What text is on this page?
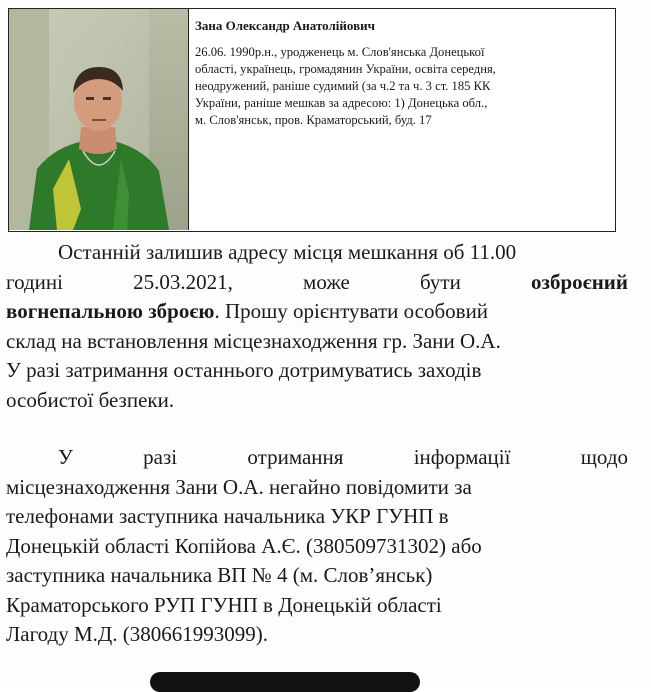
Зана Олександр Анатолійович
26.06. 1990р.н., уродженець м. Слов'янська Донецької
області, українець, громадянин України, освіта середня,
неодружений, раніше судимий (за ч.2 та ч. 3 ст. 185 КК
України, раніше мешкав за адресою: 1) Донецька обл.,
м. Слов'янськ, пров. Краматорський, буд. 17
Останній залишив адресу місця мешкання об 11.00
годині	25.03.2021,	може	бути	озброєний
вогнепальною зброєю. Прошу орієнтувати особовий
склад на встановлення місцезнаходження гр. Зани О.А.
У разі затримання останнього дотримуватись заходів
особистої безпеки.
У	разі	отримання	інформації	щодо
місцезнаходження Зани О.А. негайно повідомити за
телефонами заступника начальника УКР ГУНП в
Донецькій області Копійова А.Є. (380509731302) або
заступника начальника ВП № 4 (м. Слов’янськ)
Краматорського РУП ГУНП в Донецькій області
Лагоду М.Д. (380661993099).
